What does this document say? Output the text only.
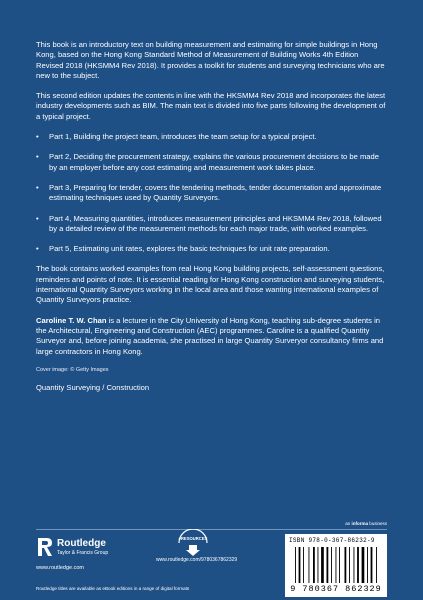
This book is an introductory text on building measurement and estimating for simple buildings in Hong Kong, based on the Hong Kong Standard Method of Measurement of Building Works 4th Edition Revised 2018 (HKSMM4 Rev 2018). It provides a toolkit for students and surveying technicians who are new to the subject.

This second edition updates the contents in line with the HKSMM4 Rev 2018 and incorporates the latest industry developments such as BIM. The main text is divided into five parts following the development of a typical project.

• Part 1, Building the project team, introduces the team setup for a typical project.
• Part 2, Deciding the procurement strategy, explains the various procurement decisions to be made by an employer before any cost estimating and measurement work takes place.
• Part 3, Preparing for tender, covers the tendering methods, tender documentation and approximate estimating techniques used by Quantity Surveyors.
• Part 4, Measuring quantities, introduces measurement principles and HKSMM4 Rev 2018, followed by a detailed review of the measurement methods for each major trade, with worked examples.
• Part 5, Estimating unit rates, explores the basic techniques for unit rate preparation.

The book contains worked examples from real Hong Kong building projects, self-assessment questions, reminders and points of note. It is essential reading for Hong Kong construction and surveying students, international Quantity Surveyors working in the local area and those wanting international examples of Quantity Surveyors practice.

Caroline T. W. Chan is a lecturer in the City University of Hong Kong, teaching sub-degree students in the Architectural, Engineering and Construction (AEC) programmes. Caroline is a qualified Quantity Surveyor and, before joining academia, she practised in large Quantity Surveryor consultancy firms and large contractors in Hong Kong.

Cover image: © Getty Images
Quantity Surveying / Construction
an informa business
Routledge
Taylor & Francis Group
www.routledge.com
eRESOURCES
www.routledge.com/9780367862329
ISBN 978-0-367-86232-9
9 780367 862329
Routledge titles are available as eBook editions in a range of digital formats
